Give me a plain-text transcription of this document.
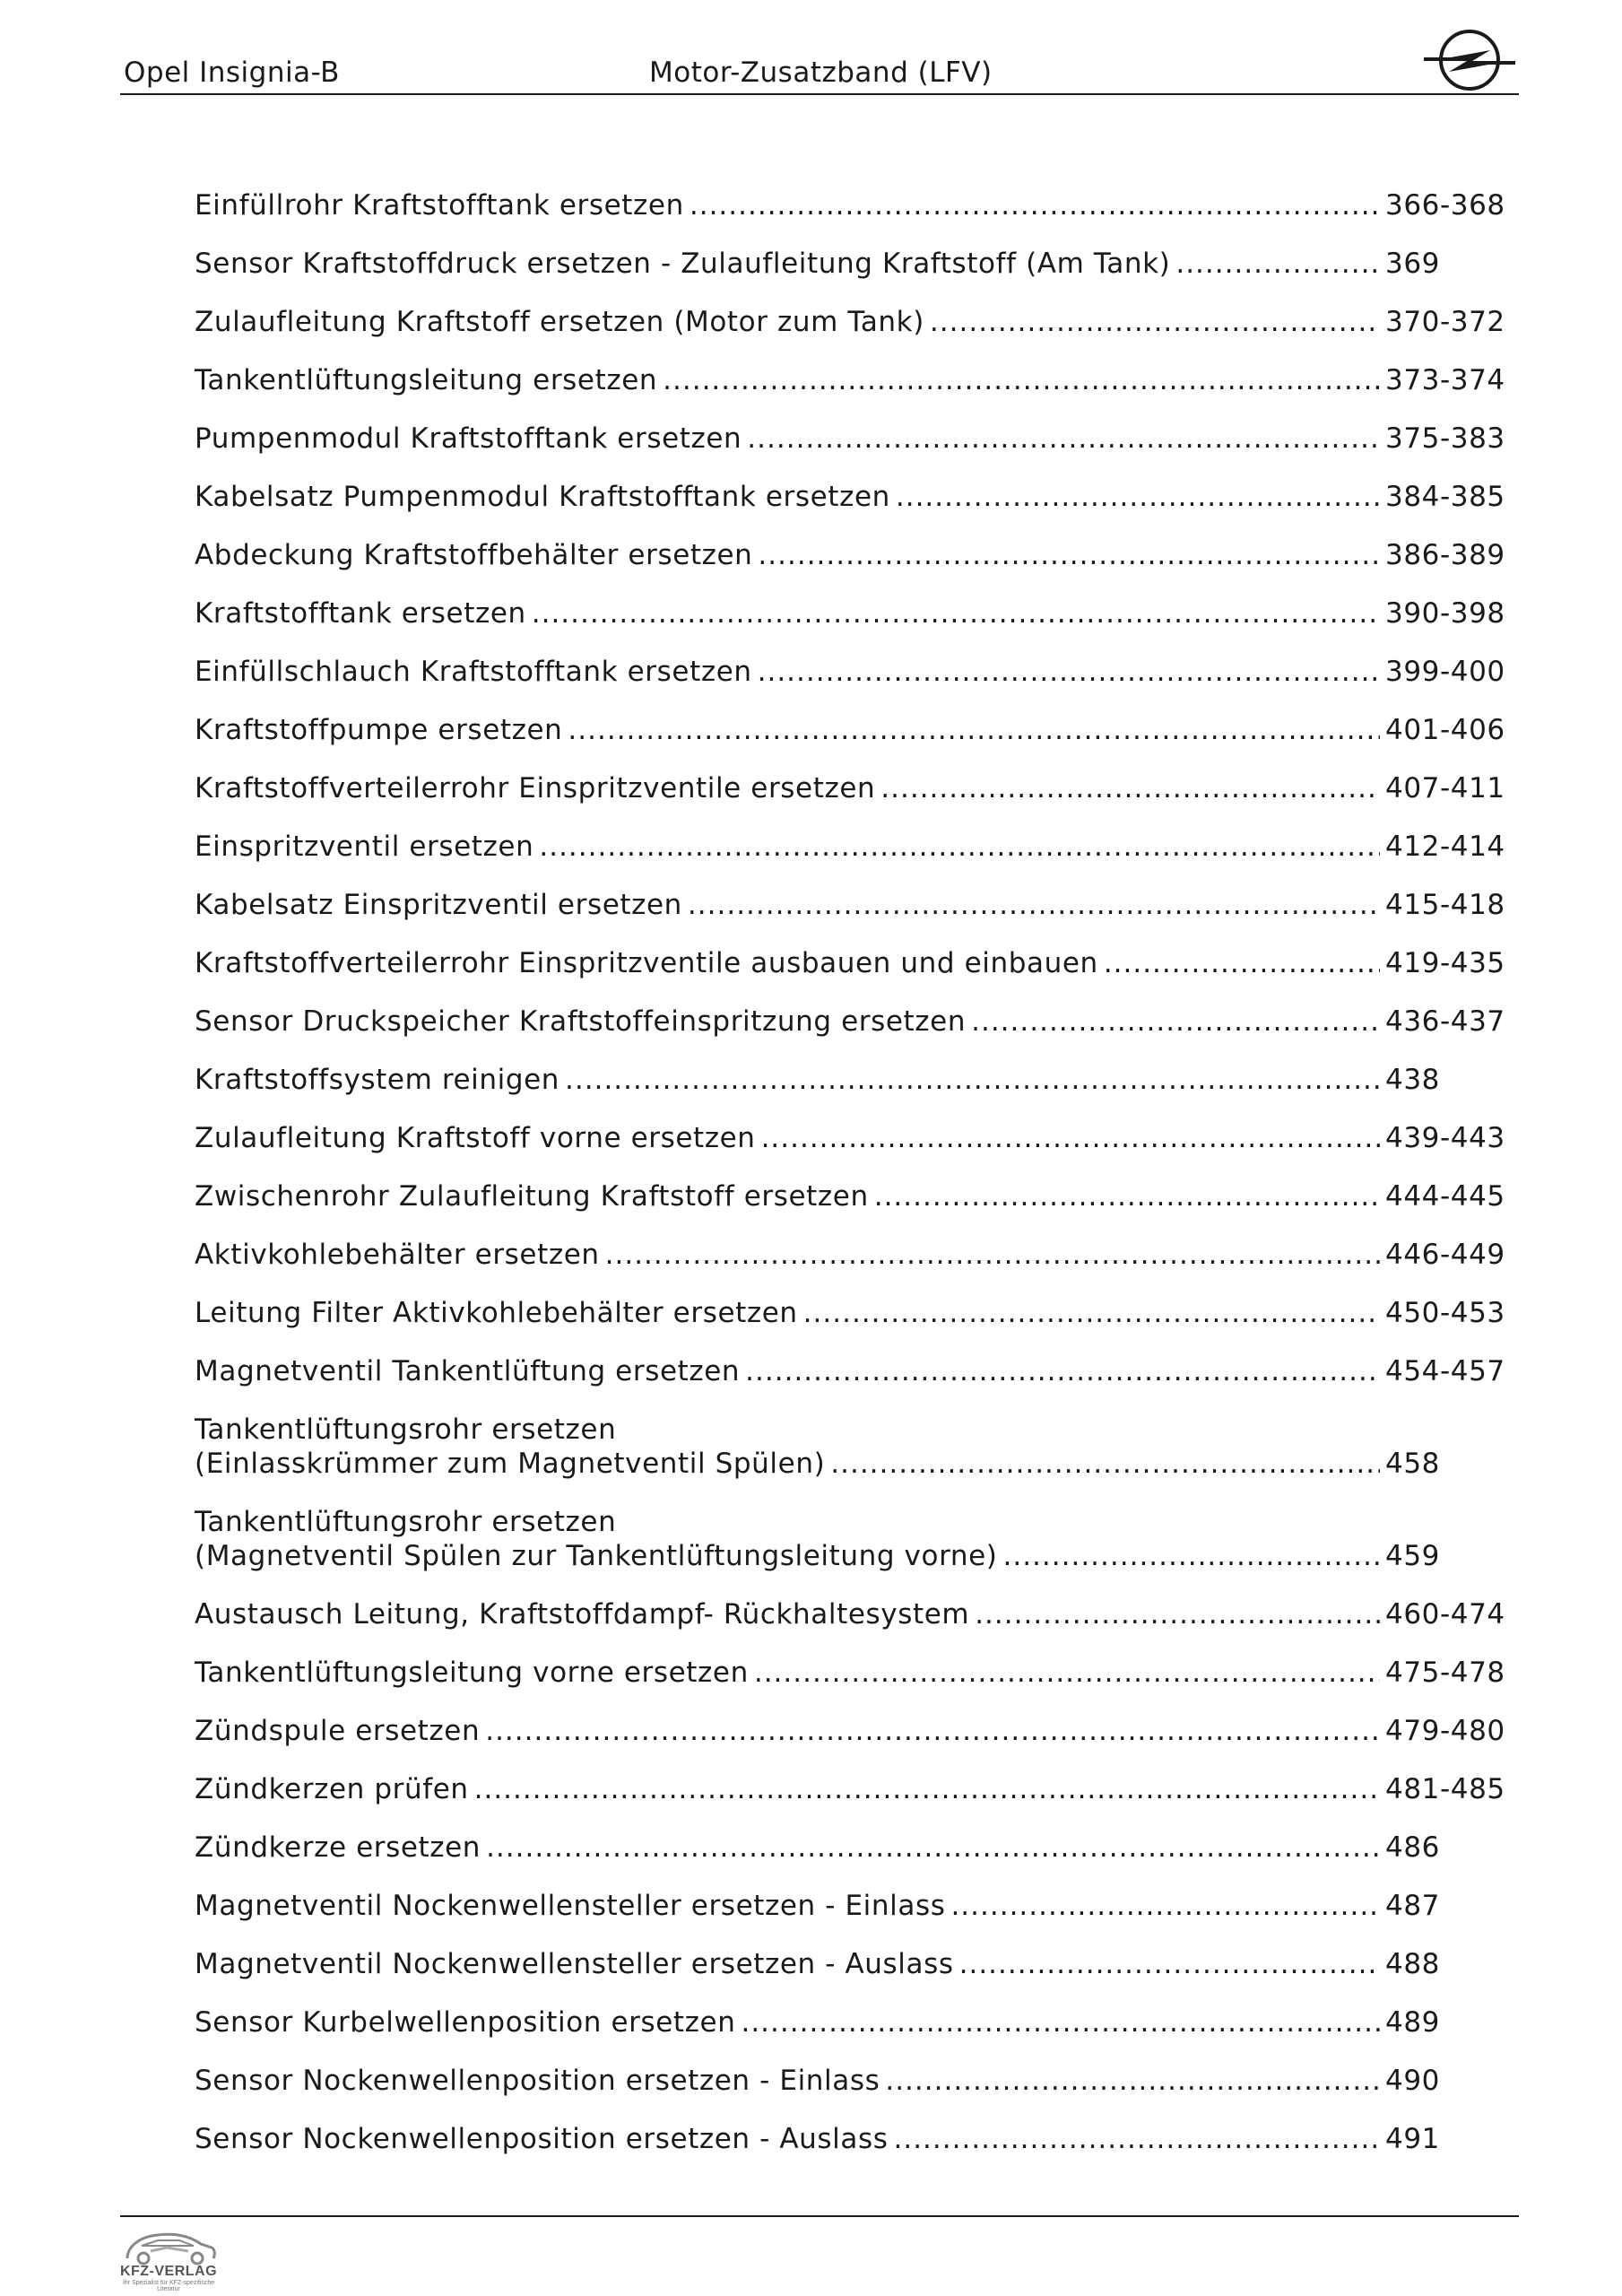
Opel Insignia-B	Motor-Zusatzband (LFV)
Einfüllrohr Kraftstofftank ersetzen .....	366-368
Sensor Kraftstoffdruck ersetzen - Zulaufleitung Kraftstoff (Am Tank) .....	369
Zulaufleitung Kraftstoff ersetzen (Motor zum Tank) .....	370-372
Tankentlüftungsleitung ersetzen .....	373-374
Pumpenmodul Kraftstofftank ersetzen .....	375-383
Kabelsatz Pumpenmodul Kraftstofftank ersetzen .....	384-385
Abdeckung Kraftstoffbehälter ersetzen .....	386-389
Kraftstofftank ersetzen .....	390-398
Einfüllschlauch Kraftstofftank ersetzen .....	399-400
Kraftstoffpumpe ersetzen .....	401-406
Kraftstoffverteilerrohr Einspritzventile ersetzen .....	407-411
Einspritzventil ersetzen .....	412-414
Kabelsatz Einspritzventil ersetzen .....	415-418
Kraftstoffverteilerrohr Einspritzventile ausbauen und einbauen .....	419-435
Sensor Druckspeicher Kraftstoffeinspritzung ersetzen .....	436-437
Kraftstoffsystem reinigen .....	438
Zulaufleitung Kraftstoff vorne ersetzen .....	439-443
Zwischenrohr Zulaufleitung Kraftstoff ersetzen .....	444-445
Aktivkohlebehälter ersetzen .....	446-449
Leitung Filter Aktivkohlebehälter ersetzen .....	450-453
Magnetventil Tankentlüftung ersetzen .....	454-457
Tankentlüftungsrohr ersetzen
(Einlasskrümmer zum Magnetventil Spülen) .....	458
Tankentlüftungsrohr ersetzen
(Magnetventil Spülen zur Tankentlüftungsleitung vorne) .....	459
Austausch Leitung, Kraftstoffdampf- Rückhaltesystem .....	460-474
Tankentlüftungsleitung vorne ersetzen .....	475-478
Zündspule ersetzen .....	479-480
Zündkerzen prüfen .....	481-485
Zündkerze ersetzen .....	486
Magnetventil Nockenwellensteller ersetzen - Einlass .....	487
Magnetventil Nockenwellensteller ersetzen - Auslass .....	488
Sensor Kurbelwellenposition ersetzen .....	489
Sensor Nockenwellenposition ersetzen - Einlass .....	490
Sensor Nockenwellenposition ersetzen - Auslass .....	491
KFZ-VERLAG
Ihr Spezialist für KFZ-spezifische Literatur
